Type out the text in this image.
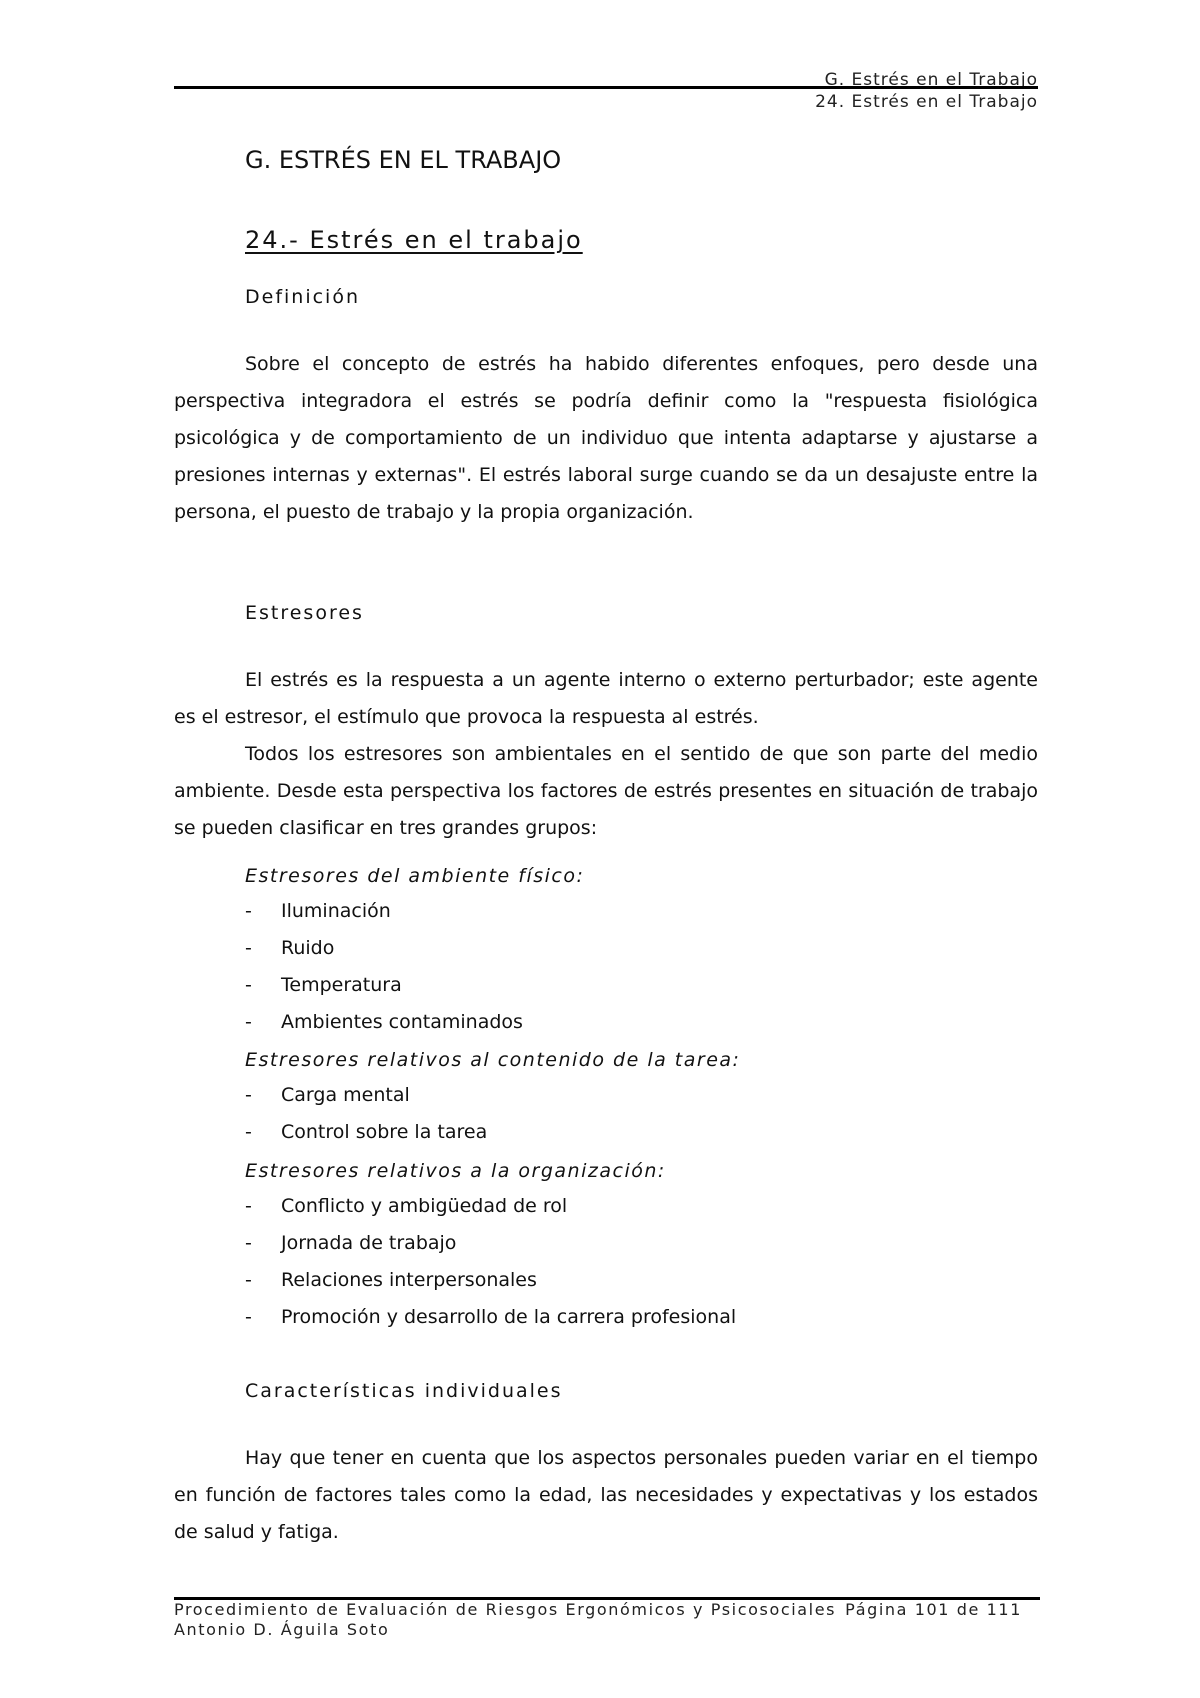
G. Estrés en el Trabajo
24. Estrés en el Trabajo
G. ESTRÉS EN EL TRABAJO
24.- Estrés en el trabajo
Definición

Sobre el concepto de estrés ha habido diferentes enfoques, pero desde una perspectiva integradora el estrés se podría definir como la "respuesta fisiológica psicológica y de comportamiento de un individuo que intenta adaptarse y ajustarse a presiones internas y externas". El estrés laboral surge cuando se da un desajuste entre la persona, el puesto de trabajo y la propia organización.

Estresores

El estrés es la respuesta a un agente interno o externo perturbador; este agente es el estresor, el estímulo que provoca la respuesta al estrés.

Todos los estresores son ambientales en el sentido de que son parte del medio ambiente. Desde esta perspectiva los factores de estrés presentes en situación de trabajo se pueden clasificar en tres grandes grupos:

Estresores del ambiente físico:
- Iluminación
- Ruido
- Temperatura
- Ambientes contaminados
Estresores relativos al contenido de la tarea:
- Carga mental
- Control sobre la tarea
Estresores relativos a la organización:
- Conflicto y ambigüedad de rol
- Jornada de trabajo
- Relaciones interpersonales
- Promoción y desarrollo de la carrera profesional
Características individuales

Hay que tener en cuenta que los aspectos personales pueden variar en el tiempo en función de factores tales como la edad, las necesidades y expectativas y los estados de salud y fatiga.

Procedimiento de Evaluación de Riesgos Ergonómicos y Psicosociales
Antonio D. Águila Soto
Página 101 de 111
